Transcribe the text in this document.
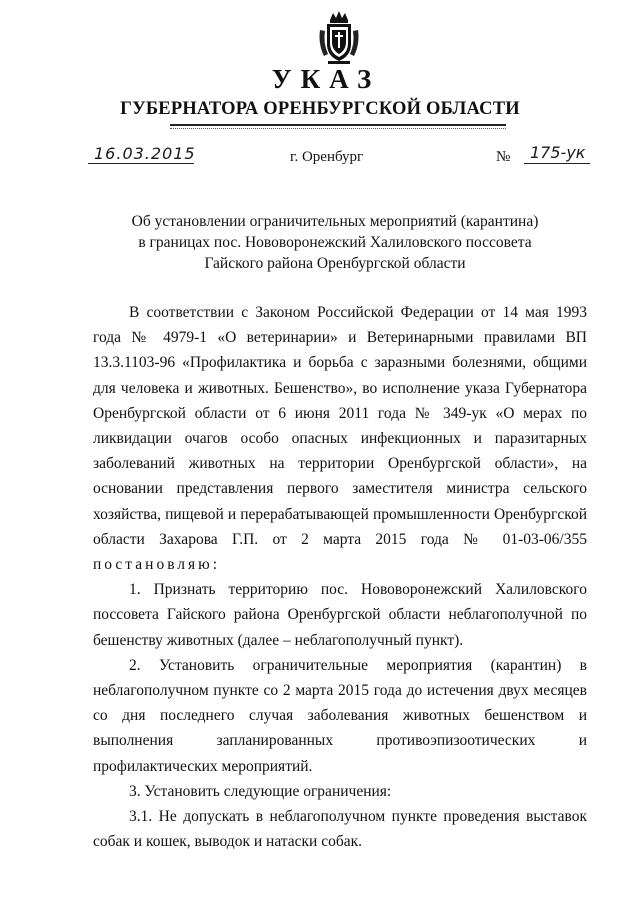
УКАЗ
ГУБЕРНАТОРА ОРЕНБУРГСКОЙ ОБЛАСТИ
16.03.2015	г. Оренбург	№ 175-ук
Об установлении ограничительных мероприятий (карантина)
в границах пос. Нововоронежский Халиловского поссовета
Гайского района Оренбургской области

В соответствии с Законом Российской Федерации от 14 мая 1993 года № 4979-1 «О ветеринарии» и Ветеринарными правилами ВП 13.3.1103-96 «Профилактика и борьба с заразными болезнями, общими для человека и животных. Бешенство», во исполнение указа Губернатора Оренбургской области от 6 июня 2011 года № 349-ук «О мерах по ликвидации очагов особо опасных инфекционных и паразитарных заболеваний животных на территории Оренбургской области», на основании представления первого заместителя министра сельского хозяйства, пищевой и перерабатывающей промышленности Оренбургской области Захарова Г.П. от 2 марта 2015 года № 01-03-06/355 постановляю:

1. Признать территорию пос. Нововоронежский Халиловского поссовета Гайского района Оренбургской области неблагополучной по бешенству животных (далее – неблагополучный пункт).

2. Установить ограничительные мероприятия (карантин) в неблагополучном пункте со 2 марта 2015 года до истечения двух месяцев со дня последнего случая заболевания животных бешенством и выполнения запланированных противоэпизоотических и профилактических мероприятий.

3. Установить следующие ограничения:

3.1. Не допускать в неблагополучном пункте проведения выставок собак и кошек, выводок и натаски собак.
